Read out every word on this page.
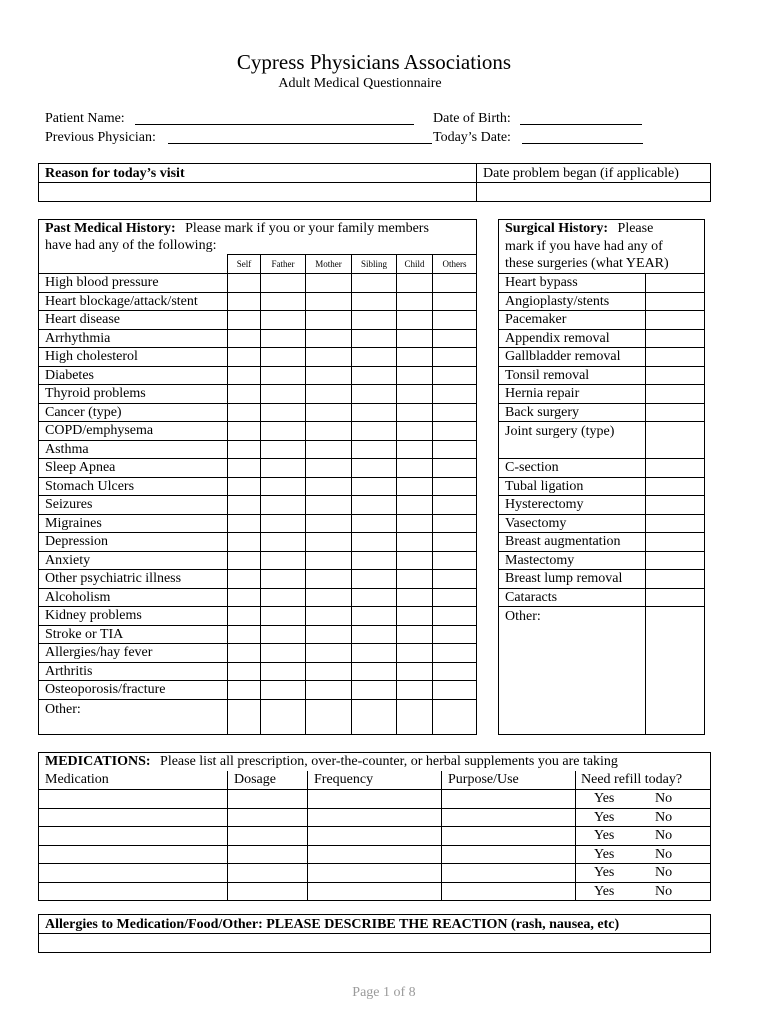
Cypress Physicians Associations
Adult Medical Questionnaire
Patient Name:	Date of Birth:
Previous Physician:	Today’s Date:
Reason for today’s visit	Date problem began (if applicable)

Past Medical History: Please mark if you or your family members
have had any of the following:						
	Self	Father	Mother	Sibling	Child	Others
High blood pressure						
Heart blockage/attack/stent						
Heart disease						
Arrhythmia						
High cholesterol						
Diabetes						
Thyroid problems						
Cancer (type)						
COPD/emphysema						
Asthma						
Sleep Apnea						
Stomach Ulcers						
Seizures						
Migraines						
Depression						
Anxiety						
Other psychiatric illness						
Alcoholism						
Kidney problems						
Stroke or TIA						
Allergies/hay fever						
Arthritis						
Osteoporosis/fracture						
Other:						
Surgical History: Please
mark if you have had any of
these surgeries (what YEAR)	
Heart bypass	
Angioplasty/stents	
Pacemaker	
Appendix removal	
Gallbladder removal	
Tonsil removal	
Hernia repair	
Back surgery	
Joint surgery (type)	
C-section	
Tubal ligation	
Hysterectomy	
Vasectomy	
Breast augmentation	
Mastectomy	
Breast lump removal	
Cataracts	
Other:	
MEDICATIONS: Please list all prescription, over-the-counter, or herbal supplements you are taking				
Medication	Dosage	Frequency	Purpose/Use	Need refill today?
				Yes No
				Yes No
				Yes No
				Yes No
				Yes No
				Yes No
Allergies to Medication/Food/Other: PLEASE DESCRIBE THE REACTION (rash, nausea, etc)

Page 1 of 8
